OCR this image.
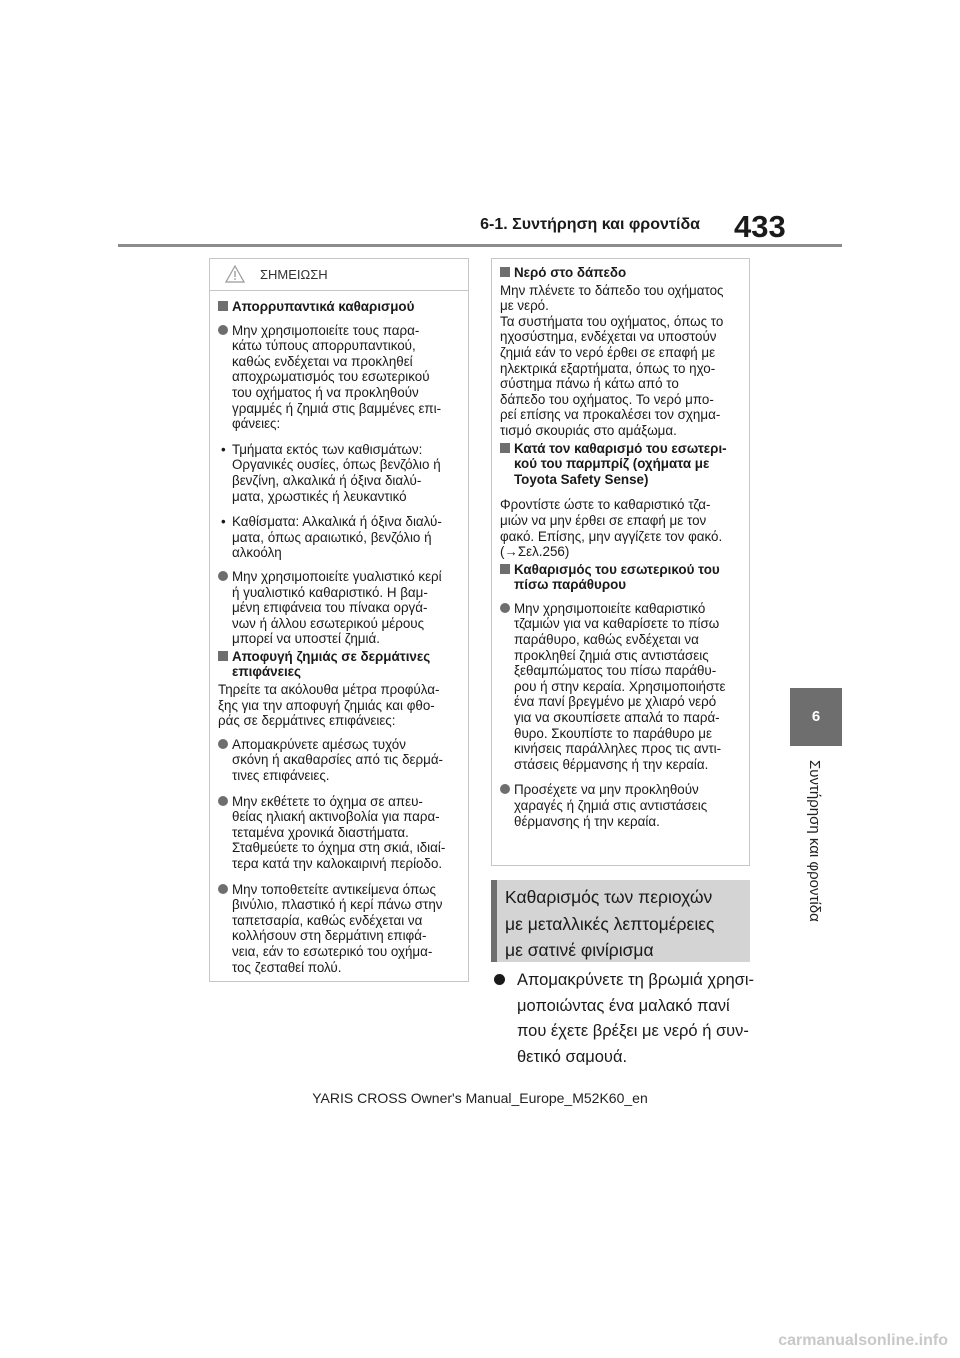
6-1. Συντήρηση και φροντίδα 433
6
Συντήρηση και φροντίδα
ΣΗΜΕΙΩΣΗ
Απορρυπαντικά καθαρισμού
Μην χρησιμοποιείτε τους παρα-
κάτω τύπους απορρυπαντικού,
καθώς ενδέχεται να προκληθεί
αποχρωματισμός του εσωτερικού
του οχήματος ή να προκληθούν
γραμμές ή ζημιά στις βαμμένες επι-
φάνειες:
• Τμήματα εκτός των καθισμάτων:
Οργανικές ουσίες, όπως βενζόλιο ή
βενζίνη, αλκαλικά ή όξινα διαλύ-
ματα, χρωστικές ή λευκαντικό
• Καθίσματα: Αλκαλικά ή όξινα διαλύ-
ματα, όπως αραιωτικό, βενζόλιο ή
αλκοόλη
Μην χρησιμοποιείτε γυαλιστικό κερί
ή γυαλιστικό καθαριστικό. Η βαμ-
μένη επιφάνεια του πίνακα οργά-
νων ή άλλου εσωτερικού μέρους
μπορεί να υποστεί ζημιά.
Αποφυγή ζημιάς σε δερμάτινες
επιφάνειες
Τηρείτε τα ακόλουθα μέτρα προφύλα-
ξης για την αποφυγή ζημιάς και φθο-
ράς σε δερμάτινες επιφάνειες:
Απομακρύνετε αμέσως τυχόν
σκόνη ή ακαθαρσίες από τις δερμά-
τινες επιφάνειες.
Μην εκθέτετε το όχημα σε απευ-
θείας ηλιακή ακτινοβολία για παρα-
τεταμένα χρονικά διαστήματα.
Σταθμεύετε το όχημα στη σκιά, ιδιαί-
τερα κατά την καλοκαιρινή περίοδο.
Μην τοποθετείτε αντικείμενα όπως
βινύλιο, πλαστικό ή κερί πάνω στην
ταπετσαρία, καθώς ενδέχεται να
κολλήσουν στη δερμάτινη επιφά-
νεια, εάν το εσωτερικό του οχήμα-
τος ζεσταθεί πολύ.
Νερό στο δάπεδο
Μην πλένετε το δάπεδο του οχήματος
με νερό.
Τα συστήματα του οχήματος, όπως το
ηχοσύστημα, ενδέχεται να υποστούν
ζημιά εάν το νερό έρθει σε επαφή με
ηλεκτρικά εξαρτήματα, όπως το ηχο-
σύστημα πάνω ή κάτω από το
δάπεδο του οχήματος. Το νερό μπο-
ρεί επίσης να προκαλέσει τον σχημα-
τισμό σκουριάς στο αμάξωμα.
Κατά τον καθαρισμό του εσωτερι-
κού του παρμπρίζ (οχήματα με
Toyota Safety Sense)
Φροντίστε ώστε το καθαριστικό τζα-
μιών να μην έρθει σε επαφή με τον
φακό. Επίσης, μην αγγίζετε τον φακό.
(→Σελ.256)
Καθαρισμός του εσωτερικού του
πίσω παράθυρου
Μην χρησιμοποιείτε καθαριστικό
τζαμιών για να καθαρίσετε το πίσω
παράθυρο, καθώς ενδέχεται να
προκληθεί ζημιά στις αντιστάσεις
ξεθαμπώματος του πίσω παράθυ-
ρου ή στην κεραία. Χρησιμοποιήστε
ένα πανί βρεγμένο με χλιαρό νερό
για να σκουπίσετε απαλά το παρά-
θυρο. Σκουπίστε το παράθυρο με
κινήσεις παράλληλες προς τις αντι-
στάσεις θέρμανσης ή την κεραία.
Προσέχετε να μην προκληθούν
χαραγές ή ζημιά στις αντιστάσεις
θέρμανσης ή την κεραία.
Καθαρισμός των περιοχών
με μεταλλικές λεπτομέρειες
με σατινέ φινίρισμα
Απομακρύνετε τη βρωμιά χρησι-
μοποιώντας ένα μαλακό πανί
που έχετε βρέξει με νερό ή συν-
θετικό σαμουά.
YARIS CROSS Owner's Manual_Europe_M52K60_en
carmanualsonline.info
